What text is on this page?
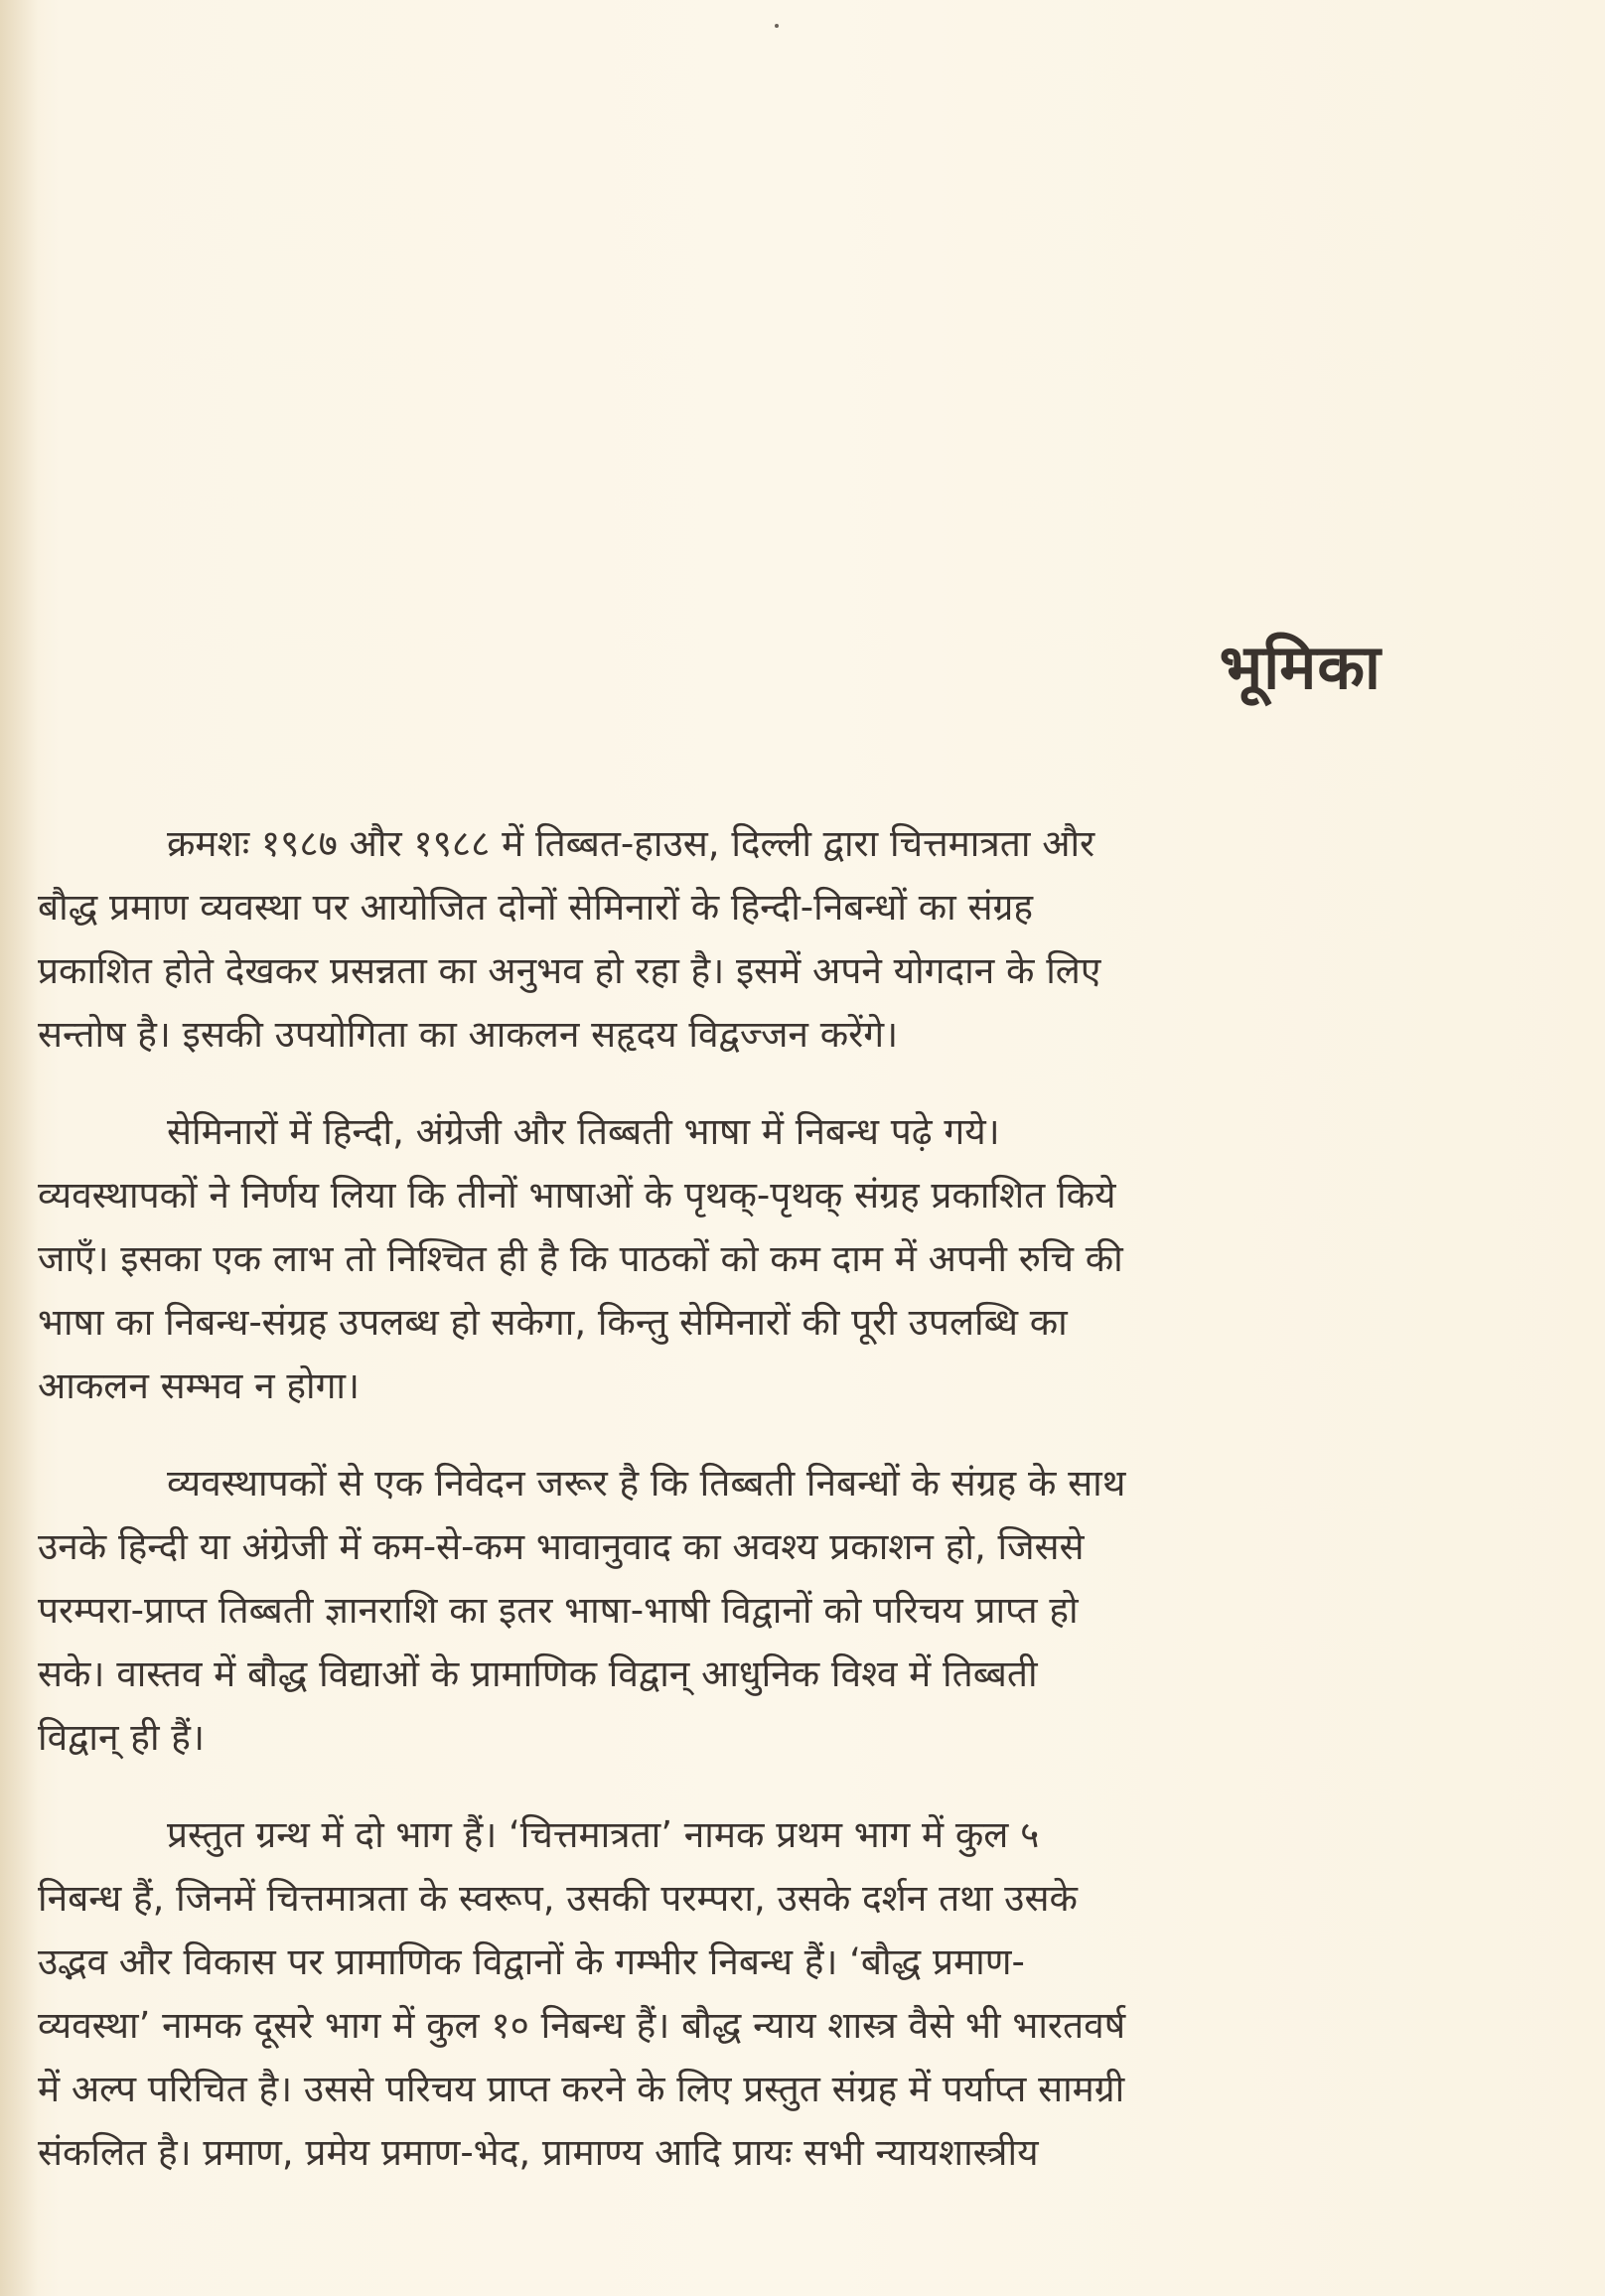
भूमिका

क्रमशः १९८७ और १९८८ में तिब्बत-हाउस, दिल्ली द्वारा चित्तमात्रता और
बौद्ध प्रमाण व्यवस्था पर आयोजित दोनों सेमिनारों के हिन्दी-निबन्धों का संग्रह
प्रकाशित होते देखकर प्रसन्नता का अनुभव हो रहा है। इसमें अपने योगदान के लिए
सन्तोष है। इसकी उपयोगिता का आकलन सहृदय विद्वज्जन करेंगे।

सेमिनारों में हिन्दी, अंग्रेजी और तिब्बती भाषा में निबन्ध पढ़े गये।
व्यवस्थापकों ने निर्णय लिया कि तीनों भाषाओं के पृथक्-पृथक् संग्रह प्रकाशित किये
जाएँ। इसका एक लाभ तो निश्चित ही है कि पाठकों को कम दाम में अपनी रुचि की
भाषा का निबन्ध-संग्रह उपलब्ध हो सकेगा, किन्तु सेमिनारों की पूरी उपलब्धि का
आकलन सम्भव न होगा।

व्यवस्थापकों से एक निवेदन जरूर है कि तिब्बती निबन्धों के संग्रह के साथ
उनके हिन्दी या अंग्रेजी में कम-से-कम भावानुवाद का अवश्य प्रकाशन हो, जिससे
परम्परा-प्राप्त तिब्बती ज्ञानराशि का इतर भाषा-भाषी विद्वानों को परिचय प्राप्त हो
सके। वास्तव में बौद्ध विद्याओं के प्रामाणिक विद्वान् आधुनिक विश्व में तिब्बती
विद्वान् ही हैं।

प्रस्तुत ग्रन्थ में दो भाग हैं। ‘चित्तमात्रता’ नामक प्रथम भाग में कुल ५
निबन्ध हैं, जिनमें चित्तमात्रता के स्वरूप, उसकी परम्परा, उसके दर्शन तथा उसके
उद्भव और विकास पर प्रामाणिक विद्वानों के गम्भीर निबन्ध हैं। ‘बौद्ध प्रमाण-
व्यवस्था’ नामक दूसरे भाग में कुल १० निबन्ध हैं। बौद्ध न्याय शास्त्र वैसे भी भारतवर्ष
में अल्प परिचित है। उससे परिचय प्राप्त करने के लिए प्रस्तुत संग्रह में पर्याप्त सामग्री
संकलित है। प्रमाण, प्रमेय प्रमाण-भेद, प्रामाण्य आदि प्रायः सभी न्यायशास्त्रीय
